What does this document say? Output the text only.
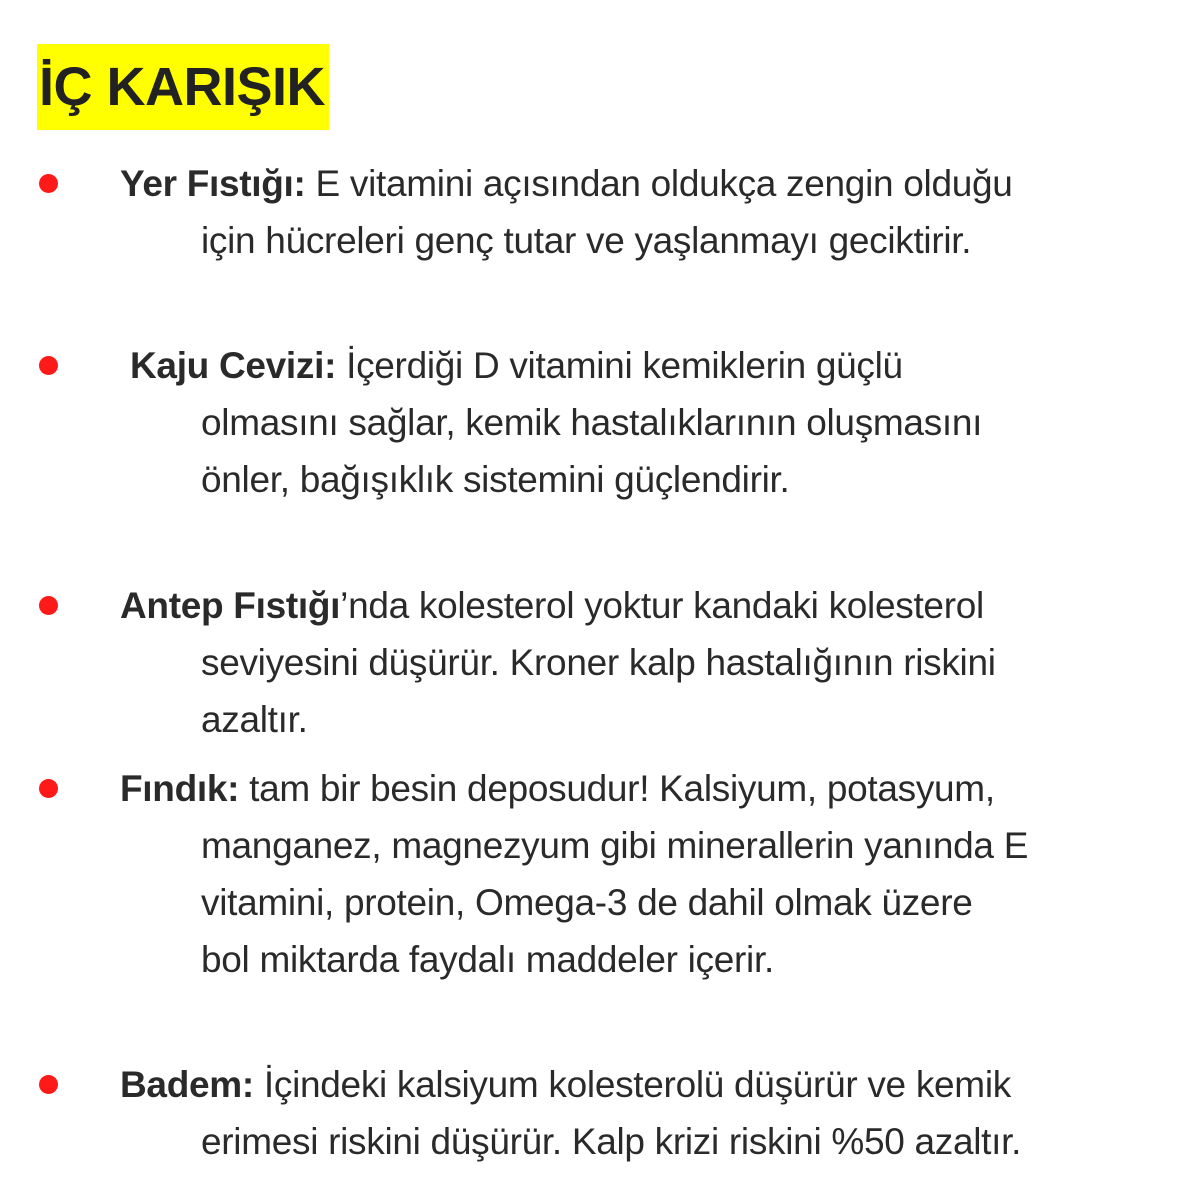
İÇ KARIŞIK
Yer Fıstığı: E vitamini açısından oldukça zengin olduğu
için hücreleri genç tutar ve yaşlanmayı geciktirir.
Kaju Cevizi: İçerdiği D vitamini kemiklerin güçlü
olmasını sağlar, kemik hastalıklarının oluşmasını
önler, bağışıklık sistemini güçlendirir.
Antep Fıstığı’nda kolesterol yoktur kandaki kolesterol
seviyesini düşürür. Kroner kalp hastalığının riskini
azaltır.
Fındık: tam bir besin deposudur! Kalsiyum, potasyum,
manganez, magnezyum gibi minerallerin yanında E
vitamini, protein, Omega-3 de dahil olmak üzere
bol miktarda faydalı maddeler içerir.
Badem: İçindeki kalsiyum kolesterolü düşürür ve kemik
erimesi riskini düşürür. Kalp krizi riskini %50 azaltır.
